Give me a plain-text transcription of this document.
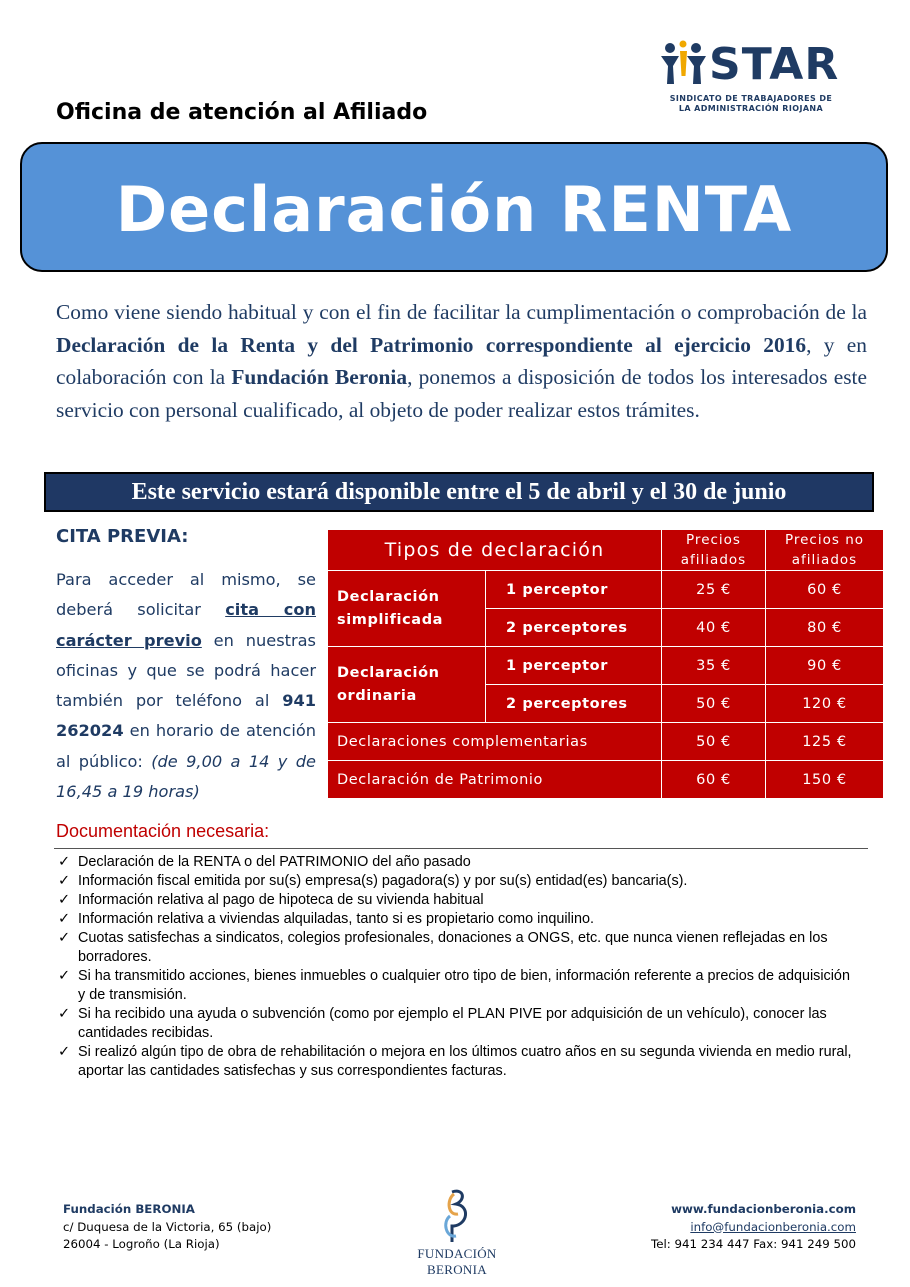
STAR
SINDICATO DE TRABAJADORES DE
LA ADMINISTRACIÓN RIOJANA
Oficina de atención al Afiliado
Declaración RENTA
Como viene siendo habitual y con el fin de facilitar la cumplimentación o comprobación de la Declaración de la Renta y del Patrimonio correspondiente al ejercicio 2016, y en colaboración con la Fundación Beronia, ponemos a disposición de todos los interesados este servicio con personal cualificado, al objeto de poder realizar estos trámites.
Este servicio estará disponible entre el 5 de abril y el 30 de junio
CITA PREVIA:
Para acceder al mismo, se deberá solicitar cita con carácter previo en nuestras oficinas y que se podrá hacer también por teléfono al 941 262024 en horario de atención al público: (de 9,00 a 14 y de 16,45 a 19 horas)
Tipos de declaración		Precios afiliados	Precios no afiliados
Declaración simplificada	1 perceptor	25 €	60 €
	2 perceptores	40 €	80 €
Declaración ordinaria	1 perceptor	35 €	90 €
	2 perceptores	50 €	120 €
Declaraciones complementarias		50 €	125 €
Declaración de Patrimonio		60 €	150 €
Documentación necesaria:
✓ Declaración de la RENTA o del PATRIMONIO del año pasado
✓ Información fiscal emitida por su(s) empresa(s) pagadora(s) y por su(s) entidad(es) bancaria(s).
✓ Información relativa al pago de hipoteca de su vivienda habitual
✓ Información relativa a viviendas alquiladas, tanto si es propietario como inquilino.
✓ Cuotas satisfechas a sindicatos, colegios profesionales, donaciones a ONGS, etc. que nunca vienen reflejadas en los borradores.
✓ Si ha transmitido acciones, bienes inmuebles o cualquier otro tipo de bien, información referente a precios de adquisición y de transmisión.
✓ Si ha recibido una ayuda o subvención (como por ejemplo el PLAN PIVE por adquisición de un vehículo), conocer las cantidades recibidas.
✓ Si realizó algún tipo de obra de rehabilitación o mejora en los últimos cuatro años en su segunda vivienda en medio rural, aportar las cantidades satisfechas y sus correspondientes facturas.
Fundación BERONIA
c/ Duquesa de la Victoria, 65 (bajo)
26004 - Logroño (La Rioja)
FUNDACIÓN BERONIA
www.fundacionberonia.com
info@fundacionberonia.com
Tel: 941 234 447 Fax: 941 249 500
